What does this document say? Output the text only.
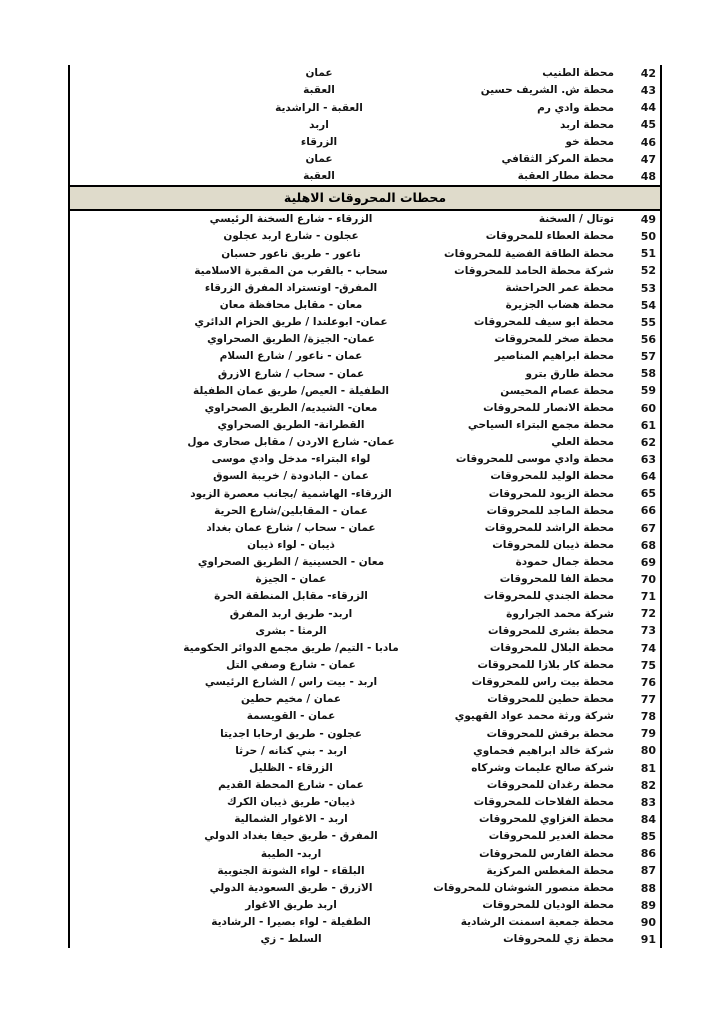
42
محطة الطنيب
عمان
43
محطة ش. الشريف حسين
العقبة
44
محطة وادي رم
العقبة - الراشدية
45
محطة اربد
اربد
46
محطة خو
الزرقاء
47
محطة المركز الثقافي
عمان
48
محطة مطار العقبة
العقبة
محطات المحروقات الاهلية
49
توتال / السخنة
الزرقاء - شارع السخنة الرئيسي
50
محطة العطاء للمحروقات
عجلون - شارع اربد عجلون
51
محطة الطاقة الفضية للمحروقات
ناعور - طريق ناعور حسبان
52
شركة محطة الحامد للمحروقات
سحاب - بالقرب من المقبرة الاسلامية
53
محطة عمر الحراحشة
المفرق- اوتستراد المفرق الزرقاء
54
محطة هضاب الجزيرة
معان - مقابل محافظة معان
55
محطة ابو سيف للمحروقات
عمان- ابوعلندا / طريق الحزام الدائري
56
محطة صخر للمحروقات
عمان- الجيزة/ الطريق الصحراوي
57
محطة ابراهيم المناصير
عمان - ناعور / شارع السلام
58
محطة طارق بترو
عمان - سحاب / شارع الازرق
59
محطة عصام المحيسن
الطفيلة - العيص/ طريق عمان الطفيلة
60
محطة الانصار للمحروقات
معان- الشيديه/ الطريق الصحراوي
61
محطة مجمع البتراء السياحي
القطرانة- الطريق الصحراوي
62
محطة العلي
عمان- شارع الاردن / مقابل صحارى مول
63
محطة وادي موسى للمحروقات
لواء البتراء- مدخل وادي موسى
64
محطة الوليد للمحروقات
عمان - البادودة / خريبة السوق
65
محطة الزيود للمحروقات
الزرقاء- الهاشمية /بجانب معصرة الزيود
66
محطة الماجد للمحروقات
عمان - المقابلين/شارع الحرية
67
محطة الراشد للمحروقات
عمان - سحاب / شارع عمان بغداد
68
محطة ذيبان للمحروقات
ذيبان - لواء ذيبان
69
محطة جمال حمودة
معان - الحسينية / الطريق الصحراوي
70
محطة الفا للمحروقات
عمان - الجيزة
71
محطة الجندي للمحروقات
الزرقاء- مقابل المنطقة الحرة
72
شركة محمد الجراروة
اربد- طريق اربد المفرق
73
محطة بشرى للمحروقات
الرمثا - بشرى
74
محطة البلال للمحروقات
مادبا - التيم/ طريق مجمع الدوائر الحكومية
75
محطة كار بلازا للمحروقات
عمان - شارع وصفي التل
76
محطة بيت راس للمحروقات
اربد - بيت راس / الشارع الرئيسي
77
محطة حطين للمحروقات
عمان / مخيم حطين
78
شركة ورثة محمد عواد القهيوي
عمان - القويسمة
79
محطة برقش للمحروقات
عجلون - طريق ارحابا اجديتا
80
شركة خالد ابراهيم فحماوي
اربد - بني كنانه / حرثا
81
شركة صالح عليمات وشركاه
الزرقاء - الظليل
82
محطة رغدان للمحروقات
عمان - شارع المحطة القديم
83
محطة الفلاحات للمحروقات
ذيبان- طريق ذيبان الكرك
84
محطة الغزاوي للمحروقات
اربد - الاغوار الشمالية
85
محطة الغدير للمحروقات
المفرق - طريق حيفا بغداد الدولي
86
محطة الفارس للمحروقات
اربد- الطيبة
87
محطة المغطس المركزية
البلقاء - لواء الشونة الجنوبية
88
محطة منصور الشوشان للمحروقات
الازرق - طريق السعودية الدولي
89
محطة الوديان للمحروقات
اربد طريق الاغوار
90
محطة جمعية اسمنت الرشادية
الطفيلة - لواء بصيرا - الرشادية
91
محطة زي للمحروقات
السلط - زي
